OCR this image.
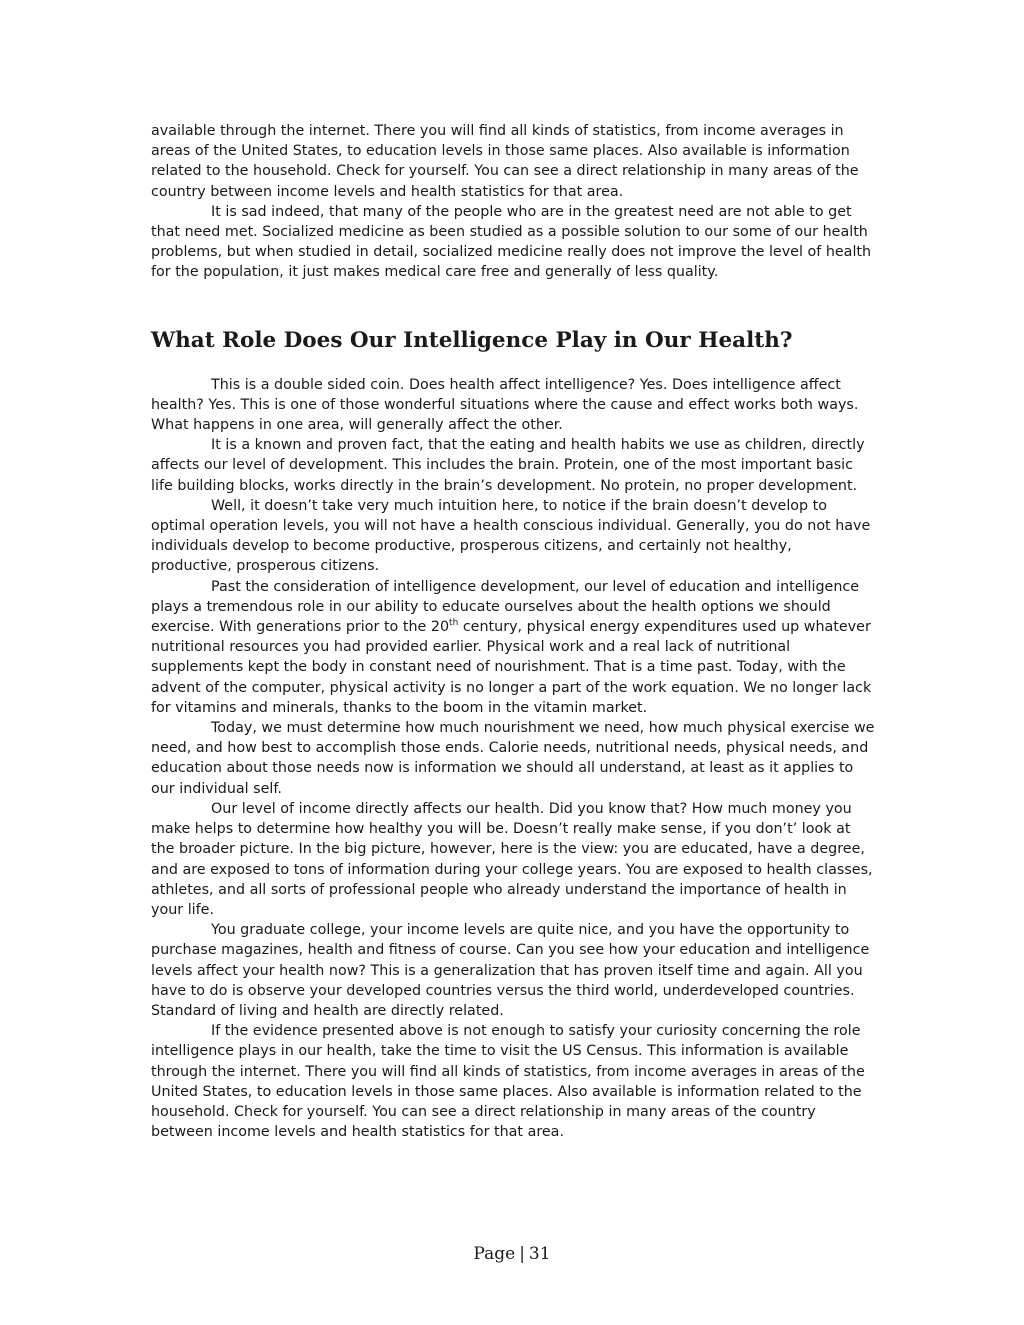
available through the internet. There you will find all kinds of statistics, from income averages in areas of the United States, to education levels in those same places. Also available is information related to the household. Check for yourself. You can see a direct relationship in many areas of the country between income levels and health statistics for that area.

It is sad indeed, that many of the people who are in the greatest need are not able to get that need met. Socialized medicine as been studied as a possible solution to our some of our health problems, but when studied in detail, socialized medicine really does not improve the level of health for the population, it just makes medical care free and generally of less quality.

What Role Does Our Intelligence Play in Our Health?

This is a double sided coin. Does health affect intelligence? Yes. Does intelligence affect health? Yes. This is one of those wonderful situations where the cause and effect works both ways. What happens in one area, will generally affect the other.

It is a known and proven fact, that the eating and health habits we use as children, directly affects our level of development. This includes the brain. Protein, one of the most important basic life building blocks, works directly in the brain’s development. No protein, no proper development.

Well, it doesn’t take very much intuition here, to notice if the brain doesn’t develop to optimal operation levels, you will not have a health conscious individual. Generally, you do not have individuals develop to become productive, prosperous citizens, and certainly not healthy, productive, prosperous citizens.

Past the consideration of intelligence development, our level of education and intelligence plays a tremendous role in our ability to educate ourselves about the health options we should exercise. With generations prior to the 20th century, physical energy expenditures used up whatever nutritional resources you had provided earlier. Physical work and a real lack of nutritional supplements kept the body in constant need of nourishment. That is a time past. Today, with the advent of the computer, physical activity is no longer a part of the work equation. We no longer lack for vitamins and minerals, thanks to the boom in the vitamin market.

Today, we must determine how much nourishment we need, how much physical exercise we need, and how best to accomplish those ends. Calorie needs, nutritional needs, physical needs, and education about those needs now is information we should all understand, at least as it applies to our individual self.

Our level of income directly affects our health. Did you know that? How much money you make helps to determine how healthy you will be. Doesn’t really make sense, if you don’t’ look at the broader picture. In the big picture, however, here is the view: you are educated, have a degree, and are exposed to tons of information during your college years. You are exposed to health classes, athletes, and all sorts of professional people who already understand the importance of health in your life.

You graduate college, your income levels are quite nice, and you have the opportunity to purchase magazines, health and fitness of course. Can you see how your education and intelligence levels affect your health now? This is a generalization that has proven itself time and again. All you have to do is observe your developed countries versus the third world, underdeveloped countries. Standard of living and health are directly related.

If the evidence presented above is not enough to satisfy your curiosity concerning the role intelligence plays in our health, take the time to visit the US Census. This information is available through the internet. There you will find all kinds of statistics, from income averages in areas of the United States, to education levels in those same places. Also available is information related to the household. Check for yourself. You can see a direct relationship in many areas of the country between income levels and health statistics for that area.

Page | 31
